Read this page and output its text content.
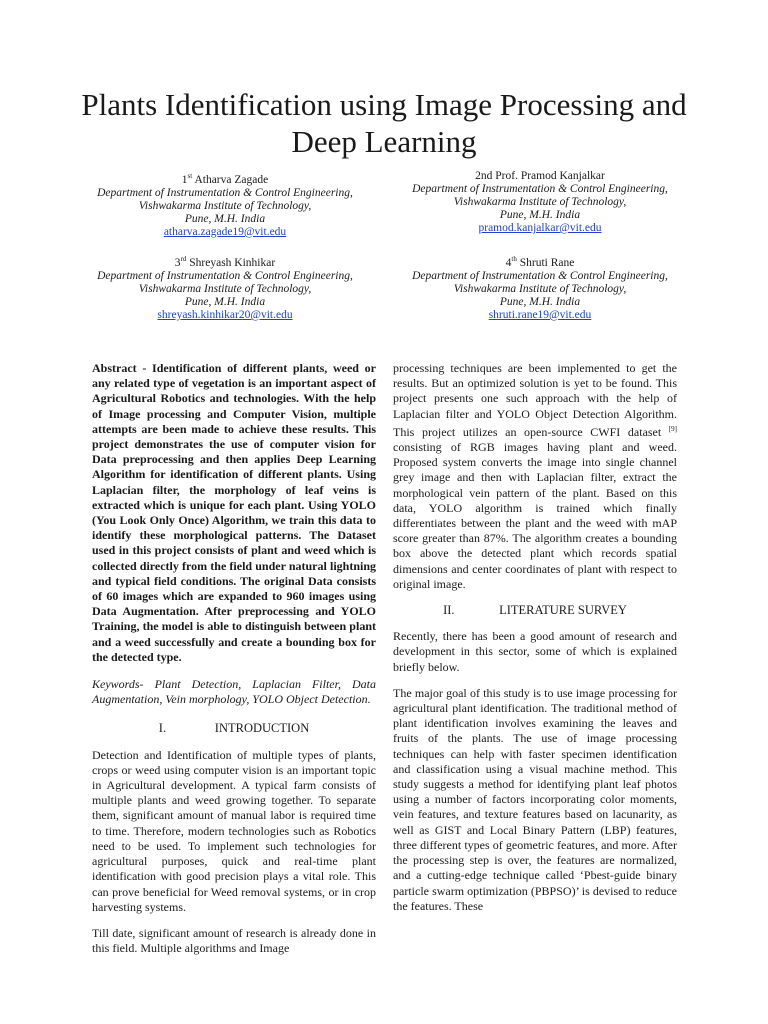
Plants Identification using Image Processing and Deep Learning
1st Atharva Zagade
Department of Instrumentation & Control Engineering,
Vishwakarma Institute of Technology,
Pune, M.H. India
atharva.zagade19@vit.edu
2nd Prof. Pramod Kanjalkar
Department of Instrumentation & Control Engineering,
Vishwakarma Institute of Technology,
Pune, M.H. India
pramod.kanjalkar@vit.edu
3rd Shreyash Kinhikar
Department of Instrumentation & Control Engineering,
Vishwakarma Institute of Technology,
Pune, M.H. India
shreyash.kinhikar20@vit.edu
4th Shruti Rane
Department of Instrumentation & Control Engineering,
Vishwakarma Institute of Technology,
Pune, M.H. India
shruti.rane19@vit.edu

Abstract - Identification of different plants, weed or any related type of vegetation is an important aspect of Agricultural Robotics and technologies. With the help of Image processing and Computer Vision, multiple attempts are been made to achieve these results. This project demonstrates the use of computer vision for Data preprocessing and then applies Deep Learning Algorithm for identification of different plants. Using Laplacian filter, the morphology of leaf veins is extracted which is unique for each plant. Using YOLO (You Look Only Once) Algorithm, we train this data to identify these morphological patterns. The Dataset used in this project consists of plant and weed which is collected directly from the field under natural lightning and typical field conditions. The original Data consists of 60 images which are expanded to 960 images using Data Augmentation. After preprocessing and YOLO Training, the model is able to distinguish between plant and a weed successfully and create a bounding box for the detected type.

Keywords- Plant Detection, Laplacian Filter, Data Augmentation, Vein morphology, YOLO Object Detection.

I.	INTRODUCTION

Detection and Identification of multiple types of plants, crops or weed using computer vision is an important topic in Agricultural development. A typical farm consists of multiple plants and weed growing together. To separate them, significant amount of manual labor is required time to time. Therefore, modern technologies such as Robotics need to be used. To implement such technologies for agricultural purposes, quick and real-time plant identification with good precision plays a vital role. This can prove beneficial for Weed removal systems, or in crop harvesting systems.

Till date, significant amount of research is already done in this field. Multiple algorithms and Image

processing techniques are been implemented to get the results. But an optimized solution is yet to be found. This project presents one such approach with the help of Laplacian filter and YOLO Object Detection Algorithm. This project utilizes an open-source CWFI dataset [9] consisting of RGB images having plant and weed. Proposed system converts the image into single channel grey image and then with Laplacian filter, extract the morphological vein pattern of the plant. Based on this data, YOLO algorithm is trained which finally differentiates between the plant and the weed with mAP score greater than 87%. The algorithm creates a bounding box above the detected plant which records spatial dimensions and center coordinates of plant with respect to original image.

II.	LITERATURE SURVEY

Recently, there has been a good amount of research and development in this sector, some of which is explained briefly below.

The major goal of this study is to use image processing for agricultural plant identification. The traditional method of plant identification involves examining the leaves and fruits of the plants. The use of image processing techniques can help with faster specimen identification and classification using a visual machine method. This study suggests a method for identifying plant leaf photos using a number of factors incorporating color moments, vein features, and texture features based on lacunarity, as well as GIST and Local Binary Pattern (LBP) features, three different types of geometric features, and more. After the processing step is over, the features are normalized, and a cutting-edge technique called ‘Pbest-guide binary particle swarm optimization (PBPSO)’ is devised to reduce the features. These
